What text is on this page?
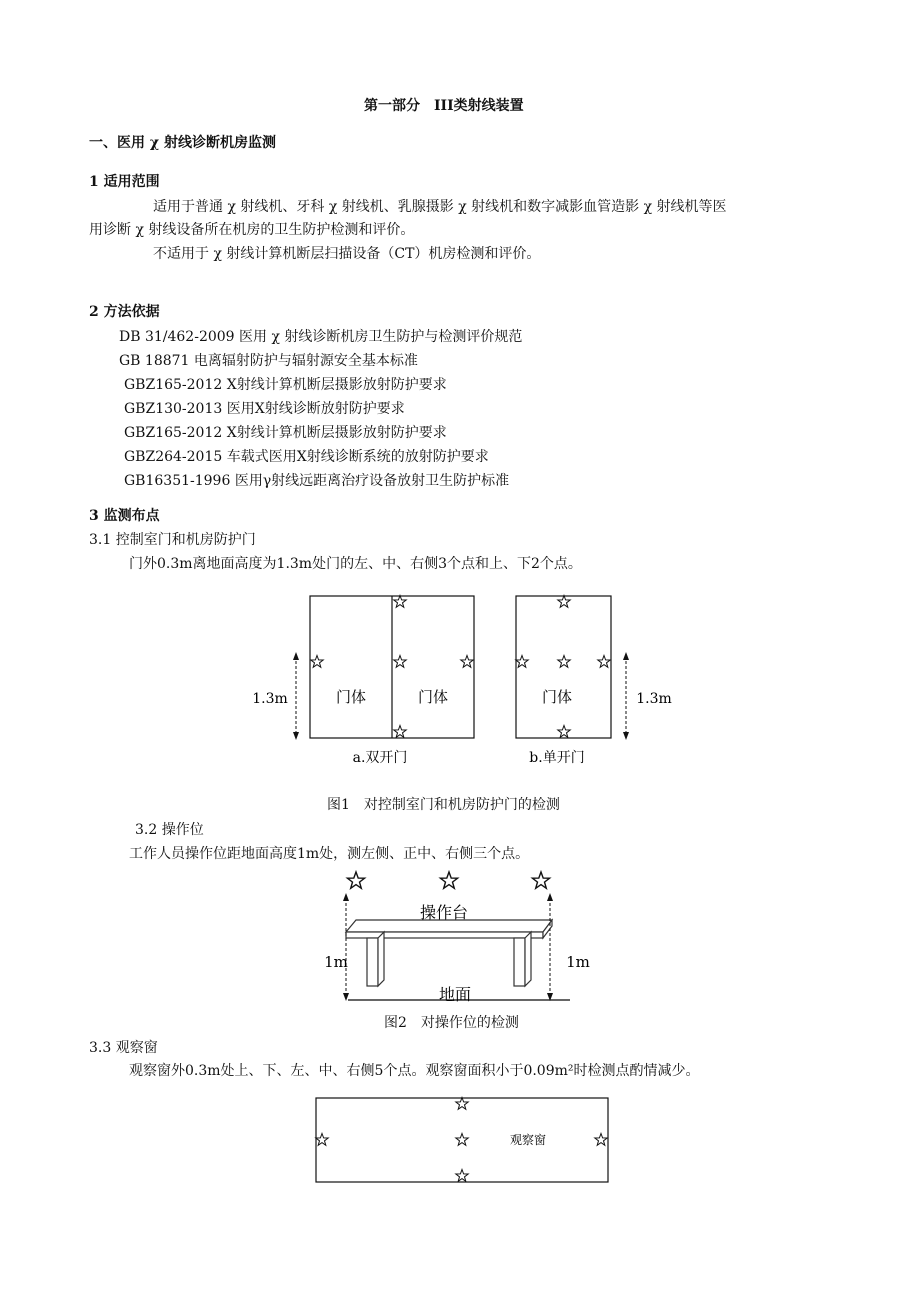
第一部分　III类射线装置
一、医用 χ 射线诊断机房监测
1 适用范围
适用于普通 χ 射线机、牙科 χ 射线机、乳腺摄影 χ 射线机和数字减影血管造影 χ 射线机等医
用诊断 χ 射线设备所在机房的卫生防护检测和评价。
不适用于 χ 射线计算机断层扫描设备（CT）机房检测和评价。
2 方法依据
DB 31/462-2009 医用 χ 射线诊断机房卫生防护与检测评价规范
GB 18871 电离辐射防护与辐射源安全基本标准
GBZ165-2012 X射线计算机断层摄影放射防护要求
GBZ130-2013 医用X射线诊断放射防护要求
GBZ165-2012 X射线计算机断层摄影放射防护要求
GBZ264-2015 车载式医用X射线诊断系统的放射防护要求
GB16351-1996 医用γ射线远距离治疗设备放射卫生防护标准
3 监测布点
3.1 控制室门和机房防护门
门外0.3m离地面高度为1.3m处门的左、中、右侧3个点和上、下2个点。
图1　对控制室门和机房防护门的检测
3.2 操作位
工作人员操作位距地面高度1m处，测左侧、正中、右侧三个点。
图2　对操作位的检测
3.3 观察窗
观察窗外0.3m处上、下、左、中、右侧5个点。观察窗面积小于0.09m²时检测点酌情减少。
门体	门体
1.3m
a.双开门
门体	1.3m
b.单开门
操作台
地面
1m	1m
观察窗
